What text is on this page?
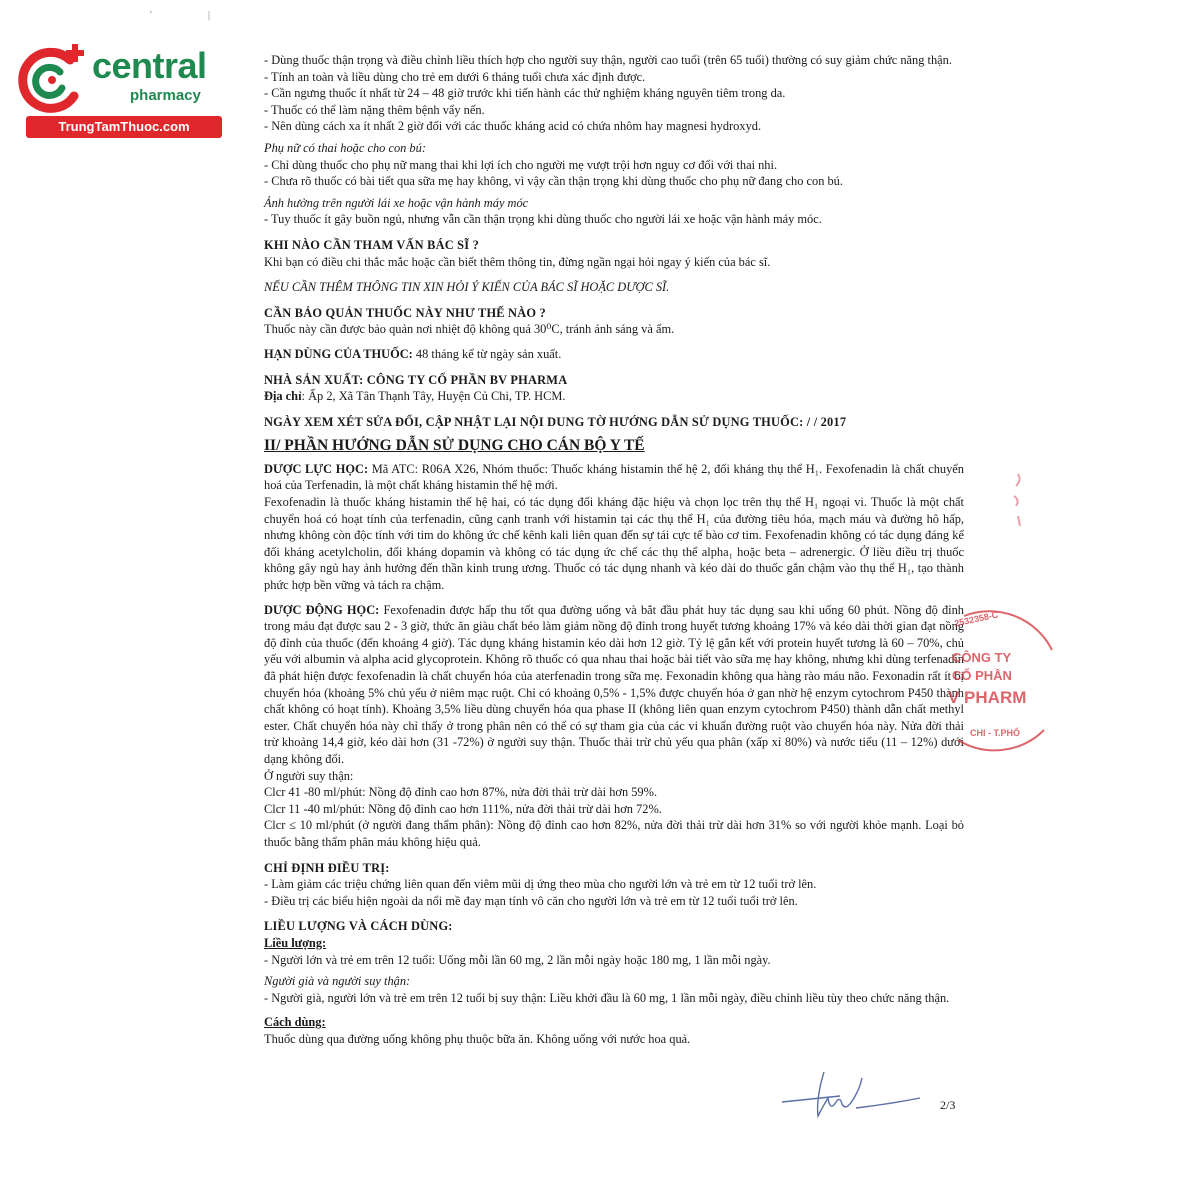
central
pharmacy
TrungTamThuoc.com
'	|

- Dùng thuốc thận trọng và điều chỉnh liều thích hợp cho người suy thận, người cao tuổi (trên 65 tuổi) thường có suy giảm chức năng thận.

- Tính an toàn và liều dùng cho trẻ em dưới 6 tháng tuổi chưa xác định được.

- Cần ngưng thuốc ít nhất từ 24 – 48 giờ trước khi tiến hành các thử nghiệm kháng nguyên tiêm trong da.

- Thuốc có thể làm nặng thêm bệnh vẩy nến.

- Nên dùng cách xa ít nhất 2 giờ đối với các thuốc kháng acid có chứa nhôm hay magnesi hydroxyd.

Phụ nữ có thai hoặc cho con bú:

- Chỉ dùng thuốc cho phụ nữ mang thai khi lợi ích cho người mẹ vượt trội hơn nguy cơ đối với thai nhi.

- Chưa rõ thuốc có bài tiết qua sữa mẹ hay không, vì vậy cần thận trọng khi dùng thuốc cho phụ nữ đang cho con bú.

Ảnh hưởng trên người lái xe hoặc vận hành máy móc

- Tuy thuốc ít gây buồn ngủ, nhưng vẫn cần thận trọng khi dùng thuốc cho người lái xe hoặc vận hành máy móc.

KHI NÀO CẦN THAM VẤN BÁC SĨ ?

Khi bạn có điều chi thắc mắc hoặc cần biết thêm thông tin, đừng ngần ngại hỏi ngay ý kiến của bác sĩ.

NẾU CẦN THÊM THÔNG TIN XIN HỎI Ý KIẾN CỦA BÁC SĨ HOẶC DƯỢC SĨ.

CẦN BẢO QUẢN THUỐC NÀY NHƯ THẾ NÀO ?

Thuốc này cần được bảo quản nơi nhiệt độ không quá 30⁰C, tránh ánh sáng và ẩm.

HẠN DÙNG CỦA THUỐC: 48 tháng kể từ ngày sản xuất.

NHÀ SẢN XUẤT: CÔNG TY CỔ PHẦN BV PHARMA

Địa chỉ: Ấp 2, Xã Tân Thạnh Tây, Huyện Củ Chi, TP. HCM.

NGÀY XEM XÉT SỬA ĐỔI, CẬP NHẬT LẠI NỘI DUNG TỜ HƯỚNG DẪN SỬ DỤNG THUỐC: / / 2017

II/ PHẦN HƯỚNG DẪN SỬ DỤNG CHO CÁN BỘ Y TẾ

DƯỢC LỰC HỌC: Mã ATC: R06A X26, Nhóm thuốc: Thuốc kháng histamin thế hệ 2, đối kháng thụ thể H₁. Fexofenadin là chất chuyển hoá của Terfenadin, là một chất kháng histamin thế hệ mới.

Fexofenadin là thuốc kháng histamin thế hệ hai, có tác dụng đối kháng đặc hiệu và chọn lọc trên thụ thể H₁ ngoại vi. Thuốc là một chất chuyển hoá có hoạt tính của terfenadin, cũng cạnh tranh với histamin tại các thụ thể H₁ của đường tiêu hóa, mạch máu và đường hô hấp, nhưng không còn độc tính với tim do không ức chế kênh kali liên quan đến sự tái cực tế bào cơ tim. Fexofenadin không có tác dụng đáng kể đối kháng acetylcholin, đối kháng dopamin và không có tác dụng ức chế các thụ thể alpha₁ hoặc beta – adrenergic. Ở liều điều trị thuốc không gây ngủ hay ảnh hưởng đến thần kinh trung ương. Thuốc có tác dụng nhanh và kéo dài do thuốc gắn chậm vào thụ thể H₁, tạo thành phức hợp bền vững và tách ra chậm.

DƯỢC ĐỘNG HỌC: Fexofenadin được hấp thu tốt qua đường uống và bắt đầu phát huy tác dụng sau khi uống 60 phút. Nồng độ đỉnh trong máu đạt được sau 2 - 3 giờ, thức ăn giàu chất béo làm giảm nồng độ đỉnh trong huyết tương khoảng 17% và kéo dài thời gian đạt nồng độ đỉnh của thuốc (đến khoảng 4 giờ). Tác dụng kháng histamin kéo dài hơn 12 giờ. Tỷ lệ gắn kết với protein huyết tương là 60 – 70%, chủ yếu với albumin và alpha acid glycoprotein. Không rõ thuốc có qua nhau thai hoặc bài tiết vào sữa mẹ hay không, nhưng khi dùng terfenadin đã phát hiện được fexofenadin là chất chuyển hóa của aterfenadin trong sữa mẹ. Fexonadin không qua hàng rào máu não. Fexonadin rất ít bị chuyển hóa (khoảng 5% chủ yếu ở niêm mạc ruột. Chỉ có khoảng 0,5% - 1,5% được chuyển hóa ở gan nhờ hệ enzym cytochrom P450 thành chất không có hoạt tính). Khoảng 3,5% liều dùng chuyển hóa qua phase II (không liên quan enzym cytochrom P450) thành dẫn chất methyl ester. Chất chuyển hóa này chỉ thấy ở trong phân nên có thể có sự tham gia của các vi khuẩn đường ruột vào chuyển hóa này. Nửa đời thải trừ khoảng 14,4 giờ, kéo dài hơn (31 -72%) ở người suy thận. Thuốc thải trừ chủ yếu qua phân (xấp xỉ 80%) và nước tiểu (11 – 12%) dưới dạng không đổi.

Ở người suy thận:

Clcr 41 -80 ml/phút: Nồng độ đỉnh cao hơn 87%, nửa đời thải trừ dài hơn 59%.

Clcr 11 -40 ml/phút: Nồng độ đỉnh cao hơn 111%, nửa đời thải trừ dài hơn 72%.

Clcr ≤ 10 ml/phút (ở người đang thẩm phân): Nồng độ đỉnh cao hơn 82%, nửa đời thải trừ dài hơn 31% so với người khỏe mạnh. Loại bỏ thuốc bằng thẩm phân máu không hiệu quả.

CHỈ ĐỊNH ĐIỀU TRỊ:

- Làm giảm các triệu chứng liên quan đến viêm mũi dị ứng theo mùa cho người lớn và trẻ em từ 12 tuổi trở lên.

- Điều trị các biểu hiện ngoài da nổi mề đay mạn tính vô căn cho người lớn và trẻ em từ 12 tuổi tuổi trở lên.

LIỀU LƯỢNG VÀ CÁCH DÙNG:

Liều lượng:

- Người lớn và trẻ em trên 12 tuổi: Uống mỗi lần 60 mg, 2 lần mỗi ngày hoặc 180 mg, 1 lần mỗi ngày.

Người già và người suy thận:

- Người già, người lớn và trẻ em trên 12 tuổi bị suy thận: Liều khởi đầu là 60 mg, 1 lần mỗi ngày, điều chỉnh liều tùy theo chức năng thận.

Cách dùng:

Thuốc dùng qua đường uống không phụ thuộc bữa ăn. Không uống với nước hoa quả.

2532358-C
CÔNG TY
CỔ PHẦN
V PHARM
CHI - T.PHỐ
2/3
